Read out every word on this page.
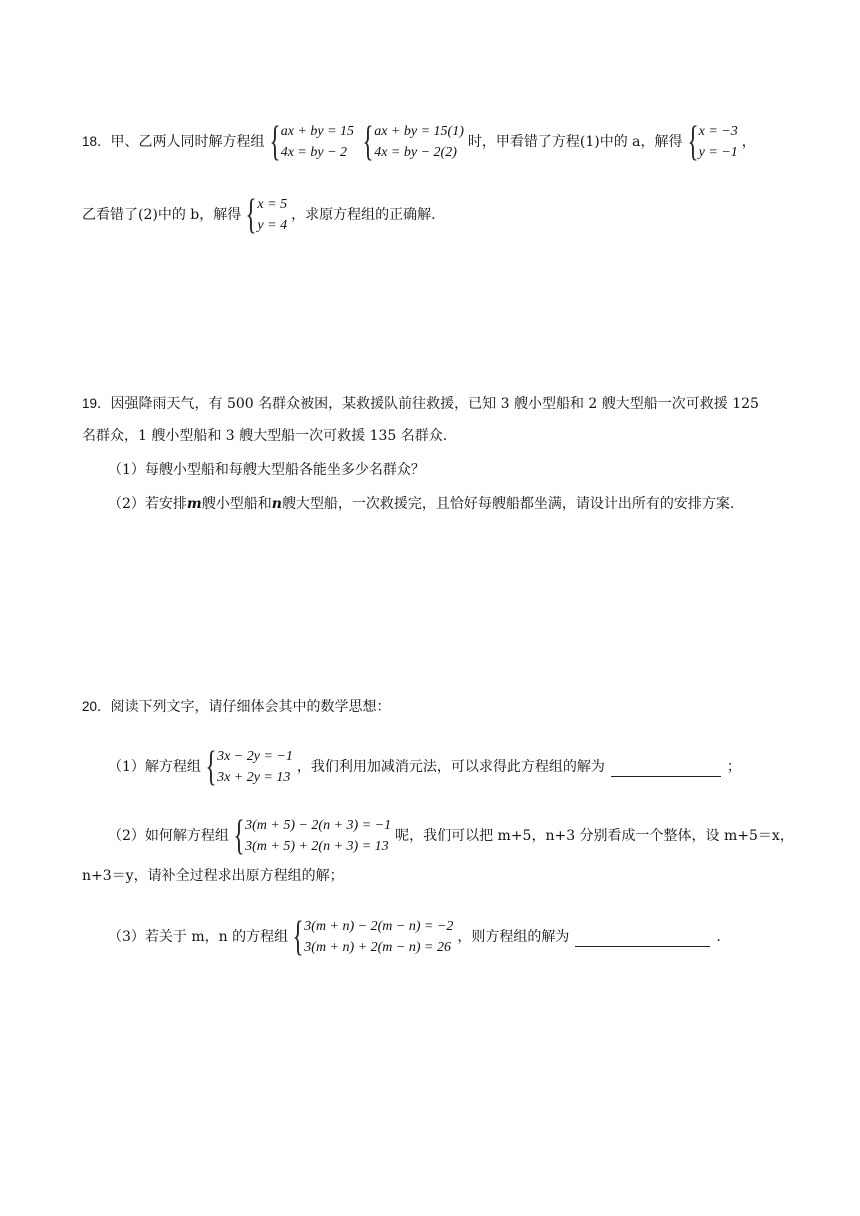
18． 甲、乙两人同时解方程组 { ax + by = 15
4x = by − 2 { ax + by = 15(1)
4x = by − 2(2)
时，甲看错了方程(1)中的 a，解得 { x = −3
y = −1
，
乙看错了(2)中的 b，解得 { x = 5
y = 4
，求原方程组的正确解.
19． 因强降雨天气，有 500 名群众被困，某救援队前往救援，已知 3 艘小型船和 2 艘大型船一次可救援 125
名群众，1 艘小型船和 3 艘大型船一次可救援 135 名群众.
（1）每艘小型船和每艘大型船各能坐多少名群众？
（2）若安排 m 艘小型船和 n 艘大型船，一次救援完，且恰好每艘船都坐满，请设计出所有的安排方案.
20． 阅读下列文字，请仔细体会其中的数学思想：
（1）解方程组 { 3x − 2y = −1
3x + 2y = 13
，我们利用加减消元法，可以求得此方程组的解为	；
（2）如何解方程组 { 3(m + 5) − 2(n + 3) = −1
3(m + 5) + 2(n + 3) = 13
呢，我们可以把 m+5，n+3 分别看成一个整体，设 m+5＝x，
n+3＝y，请补全过程求出原方程组的解；
（3）若关于 m，n 的方程组 { 3(m + n) − 2(m − n) = −2
3(m + n) + 2(m − n) = 26
，则方程组的解为	.
